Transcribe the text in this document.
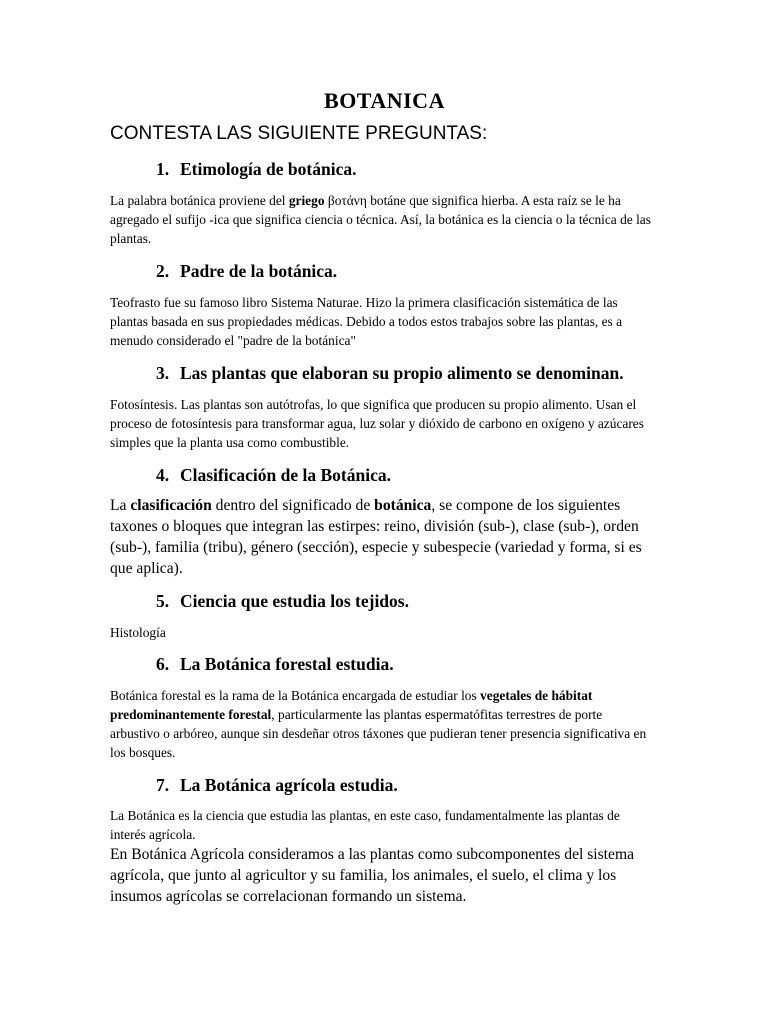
BOTANICA
CONTESTA LAS SIGUIENTE PREGUNTAS:
1. Etimología de botánica.

La palabra botánica proviene del griego βοτάνη botáne que significa hierba. A esta raíz se le ha agregado el sufijo -ica que significa ciencia o técnica. Así, la botánica es la ciencia o la técnica de las plantas.

2. Padre de la botánica.

Teofrasto fue su famoso libro Sistema Naturae. Hizo la primera clasificación sistemática de las plantas basada en sus propiedades médicas. Debido a todos estos trabajos sobre las plantas, es a menudo considerado el "padre de la botánica"

3. Las plantas que elaboran su propio alimento se denominan.

Fotosíntesis. Las plantas son autótrofas, lo que significa que producen su propio alimento. Usan el proceso de fotosíntesis para transformar agua, luz solar y dióxido de carbono en oxígeno y azúcares simples que la planta usa como combustible.

4. Clasificación de la Botánica.

La clasificación dentro del significado de botánica, se compone de los siguientes taxones o bloques que integran las estirpes: reino, división (sub-), clase (sub-), orden (sub-), familia (tribu), género (sección), especie y subespecie (variedad y forma, si es que aplica).

5. Ciencia que estudia los tejidos.

Histología

6. La Botánica forestal estudia.

Botánica forestal es la rama de la Botánica encargada de estudiar los vegetales de hábitat predominantemente forestal, particularmente las plantas espermatófitas terrestres de porte arbustivo o arbóreo, aunque sin desdeñar otros táxones que pudieran tener presencia significativa en los bosques.

7. La Botánica agrícola estudia.

La Botánica es la ciencia que estudia las plantas, en este caso, fundamentalmente las plantas de interés agrícola.

En Botánica Agrícola consideramos a las plantas como subcomponentes del sistema agrícola, que junto al agricultor y su familia, los animales, el suelo, el clima y los insumos agrícolas se correlacionan formando un sistema.
